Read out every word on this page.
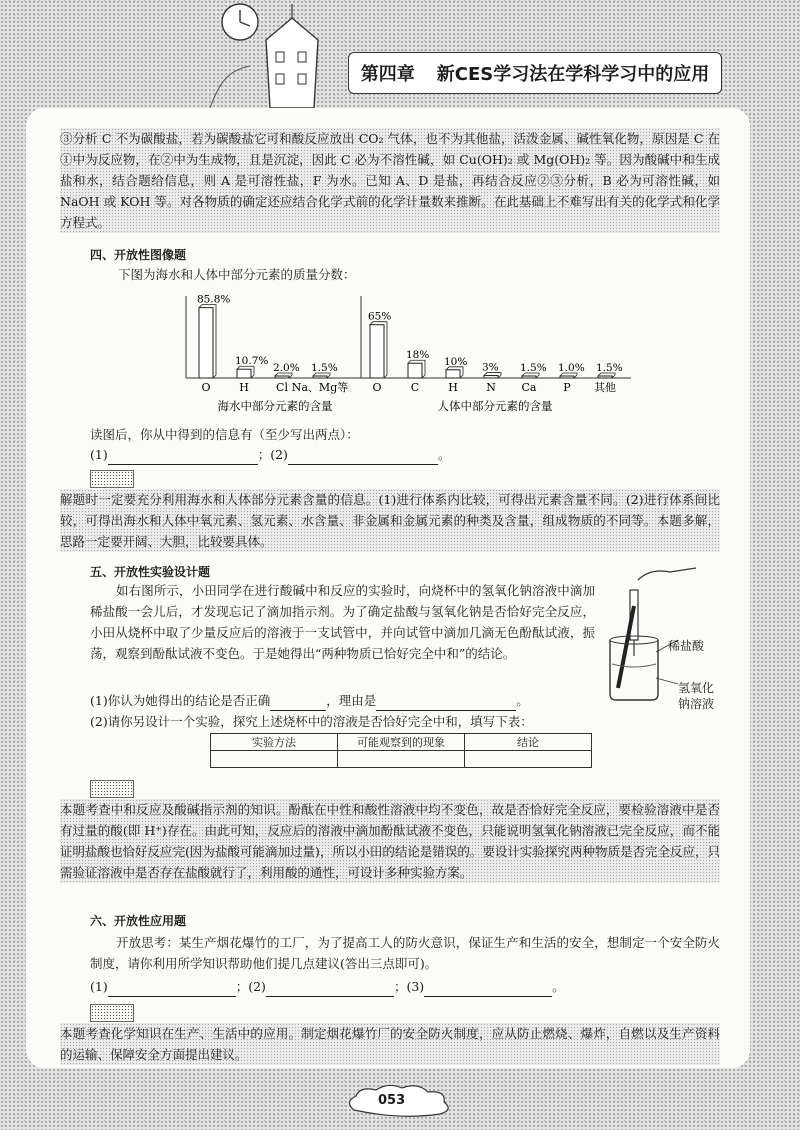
第四章 新CES学习法在学科学习中的应用
③分析 C 不为碳酸盐，若为碳酸盐它可和酸反应放出 CO₂ 气体，也不为其他盐，活泼金属、碱性氧化物，原因是 C 在①中为反应物，在②中为生成物，且是沉淀，因此 C 必为不溶性碱，如 Cu(OH)₂ 或 Mg(OH)₂ 等。因为酸碱中和生成盐和水，结合题给信息，则 A 是可溶性盐，F 为水。已知 A、D 是盐，再结合反应②③分析，B 必为可溶性碱，如 NaOH 或 KOH 等。对各物质的确定还应结合化学式前的化学计量数来推断。在此基础上不难写出有关的化学式和化学方程式。
四、开放性图像题
下图为海水和人体中部分元素的质量分数：
85.8%
O
10.7%
H
2.0%
Cl
1.5%
Na、Mg等
海水中部分元素的含量
65%
O
18%
C
10%
H
3%
N
1.5%
Ca
1.0%
P
1.5%
其他
人体中部分元素的含量
读图后，你从中得到的信息有（至少写出两点）：
(1)	；(2)	。
解题时一定要充分利用海水和人体部分元素含量的信息。(1)进行体系内比较，可得出元素含量不同。(2)进行体系间比较，可得出海水和人体中氧元素、氢元素、水含量、非金属和金属元素的种类及含量，组成物质的不同等。本题多解，思路一定要开阔、大胆，比较要具体。
五、开放性实验设计题
如右图所示，小田同学在进行酸碱中和反应的实验时，向烧杯中的氢氧化钠溶液中滴加稀盐酸一会儿后，才发现忘记了滴加指示剂。为了确定盐酸与氢氧化钠是否恰好完全反应，小田从烧杯中取了少量反应后的溶液于一支试管中，并向试管中滴加几滴无色酚酞试液，振荡，观察到酚酞试液不变色。于是她得出“两种物质已恰好完全中和”的结论。	稀盐酸
氢氧化
钠溶液
(1)你认为她得出的结论是否正确	，理由是	。
(2)请你另设计一个实验，探究上述烧杯中的溶液是否恰好完全中和，填写下表：
实验方法	可能观察到的现象	结论

本题考查中和反应及酸碱指示剂的知识。酚酞在中性和酸性溶液中均不变色，故是否恰好完全反应，要检验溶液中是否有过量的酸(即 H⁺)存在。由此可知，反应后的溶液中滴加酚酞试液不变色，只能说明氢氧化钠溶液已完全反应，而不能证明盐酸也恰好反应完(因为盐酸可能滴加过量)，所以小田的结论是错误的。要设计实验探究两种物质是否完全反应，只需验证溶液中是否存在盐酸就行了，利用酸的通性，可设计多种实验方案。
六、开放性应用题
开放思考：某生产烟花爆竹的工厂，为了提高工人的防火意识，保证生产和生活的安全，想制定一个安全防火制度，请你利用所学知识帮助他们提几点建议(答出三点即可)。
(1)	；(2)	；(3)	。
本题考查化学知识在生产、生活中的应用。制定烟花爆竹厂的安全防火制度，应从防止燃烧、爆炸，自燃以及生产资料的运输、保障安全方面提出建议。
053
